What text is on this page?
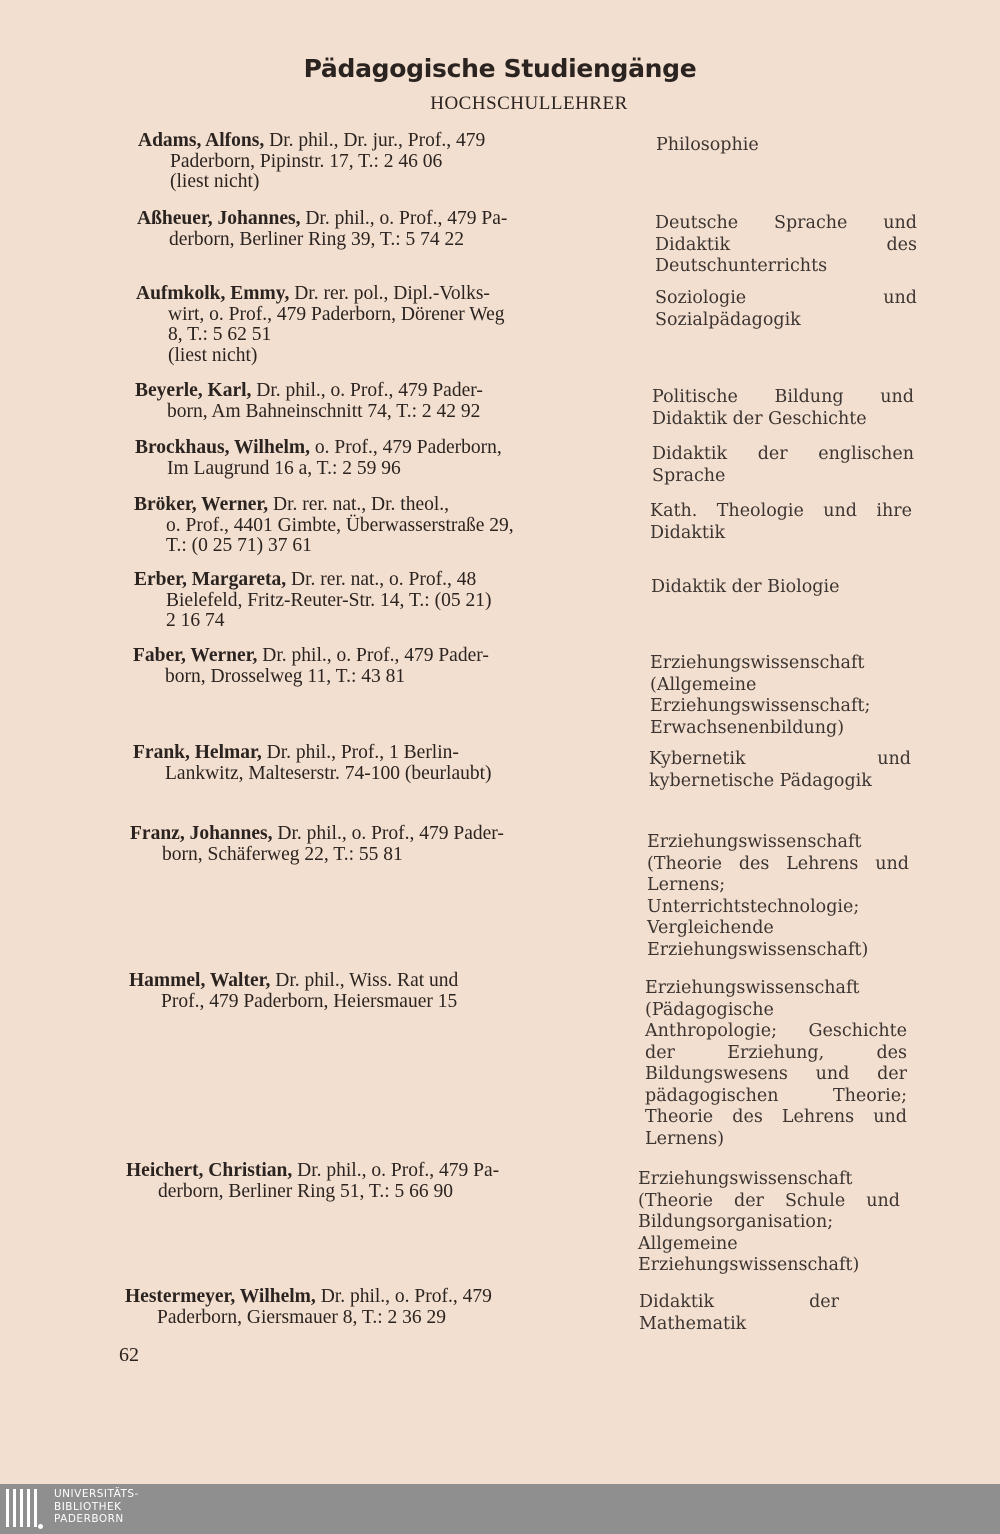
Pädagogische Studiengänge
HOCHSCHULLEHRER
Adams, Alfons, Dr. phil., Dr. jur., Prof., 479
Paderborn, Pipinstr. 17, T.: 2 46 06
(liest nicht)
Philosophie
Aßheuer, Johannes, Dr. phil., o. Prof., 479 Pa-
derborn, Berliner Ring 39, T.: 5 74 22
Deutsche Sprache und Didaktik des Deutschunterrichts
Aufmkolk, Emmy, Dr. rer. pol., Dipl.-Volks-
wirt, o. Prof., 479 Paderborn, Dörener Weg
8, T.: 5 62 51
(liest nicht)
Soziologie und Sozialpädagogik
Beyerle, Karl, Dr. phil., o. Prof., 479 Pader-
born, Am Bahneinschnitt 74, T.: 2 42 92
Politische Bildung und Didaktik der Geschichte
Brockhaus, Wilhelm, o. Prof., 479 Paderborn,
Im Laugrund 16 a, T.: 2 59 96
Didaktik der englischen Sprache
Bröker, Werner, Dr. rer. nat., Dr. theol.,
o. Prof., 4401 Gimbte, Überwasserstraße 29,
T.: (0 25 71) 37 61
Kath. Theologie und ihre Didaktik
Erber, Margareta, Dr. rer. nat., o. Prof., 48
Bielefeld, Fritz-Reuter-Str. 14, T.: (05 21)
2 16 74
Didaktik der Biologie
Faber, Werner, Dr. phil., o. Prof., 479 Pader-
born, Drosselweg 11, T.: 43 81
Erziehungswissenschaft (Allgemeine Erziehungswissenschaft; Erwachsenenbildung)
Frank, Helmar, Dr. phil., Prof., 1 Berlin-
Lankwitz, Malteserstr. 74-100 (beurlaubt)
Kybernetik und kybernetische Pädagogik
Franz, Johannes, Dr. phil., o. Prof., 479 Pader-
born, Schäferweg 22, T.: 55 81
Erziehungswissenschaft (Theorie des Lehrens und Lernens; Unterrichtstechnologie; Vergleichende Erziehungswissenschaft)
Hammel, Walter, Dr. phil., Wiss. Rat und
Prof., 479 Paderborn, Heiersmauer 15
Erziehungswissenschaft (Pädagogische Anthropologie; Geschichte der Erziehung, des Bildungswesens und der pädagogischen Theorie; Theorie des Lehrens und Lernens)
Heichert, Christian, Dr. phil., o. Prof., 479 Pa-
derborn, Berliner Ring 51, T.: 5 66 90
Erziehungswissenschaft (Theorie der Schule und Bildungsorganisation; Allgemeine Erziehungswissenschaft)
Hestermeyer, Wilhelm, Dr. phil., o. Prof., 479
Paderborn, Giersmauer 8, T.: 2 36 29
Didaktik der Mathematik
62
UNIVERSITÄTS-
BIBLIOTHEK
PADERBORN
